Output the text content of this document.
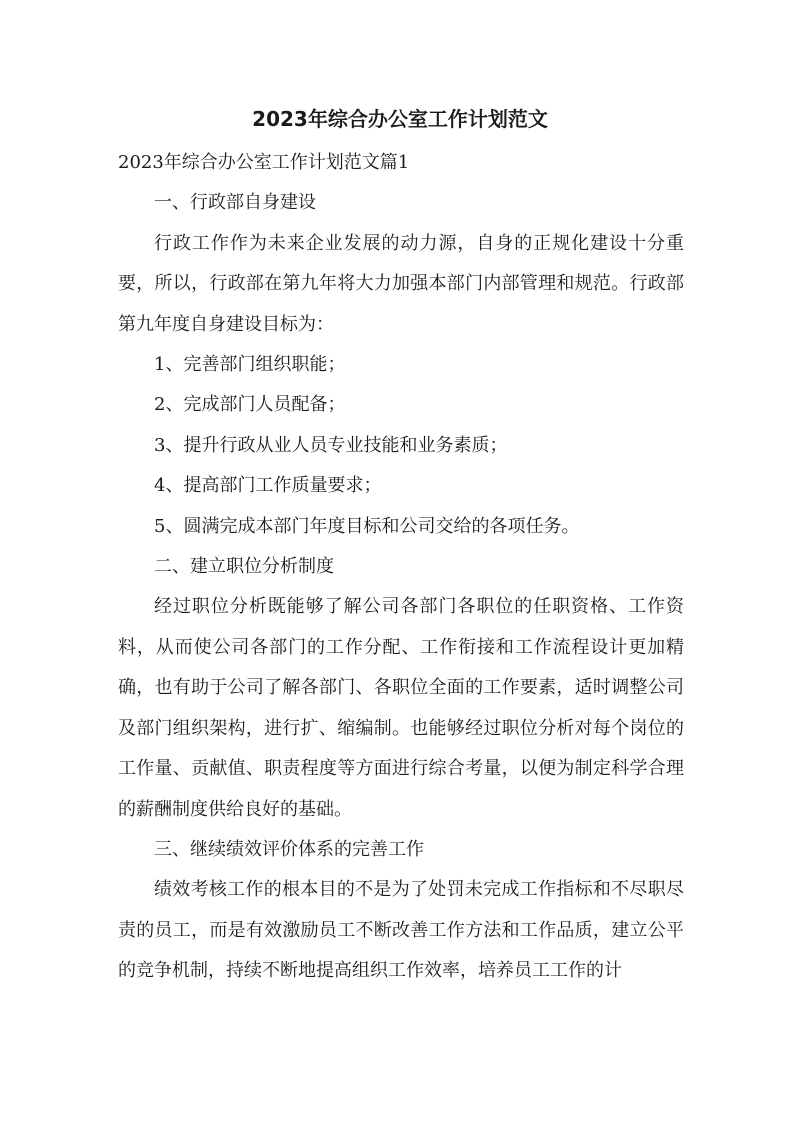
2023年综合办公室工作计划范文

2023年综合办公室工作计划范文篇1

一、行政部自身建设

行政工作作为未来企业发展的动力源，自身的正规化建设十分重要，所以，行政部在第九年将大力加强本部门内部管理和规范。行政部第九年度自身建设目标为：

1、完善部门组织职能；

2、完成部门人员配备；

3、提升行政从业人员专业技能和业务素质；

4、提高部门工作质量要求；

5、圆满完成本部门年度目标和公司交给的各项任务。

二、建立职位分析制度

经过职位分析既能够了解公司各部门各职位的任职资格、工作资料，从而使公司各部门的工作分配、工作衔接和工作流程设计更加精确，也有助于公司了解各部门、各职位全面的工作要素，适时调整公司及部门组织架构，进行扩、缩编制。也能够经过职位分析对每个岗位的工作量、贡献值、职责程度等方面进行综合考量，以便为制定科学合理的薪酬制度供给良好的基础。

三、继续绩效评价体系的完善工作

绩效考核工作的根本目的不是为了处罚未完成工作指标和不尽职尽责的员工，而是有效激励员工不断改善工作方法和工作品质，建立公平的竞争机制，持续不断地提高组织工作效率，培养员工工作的计
